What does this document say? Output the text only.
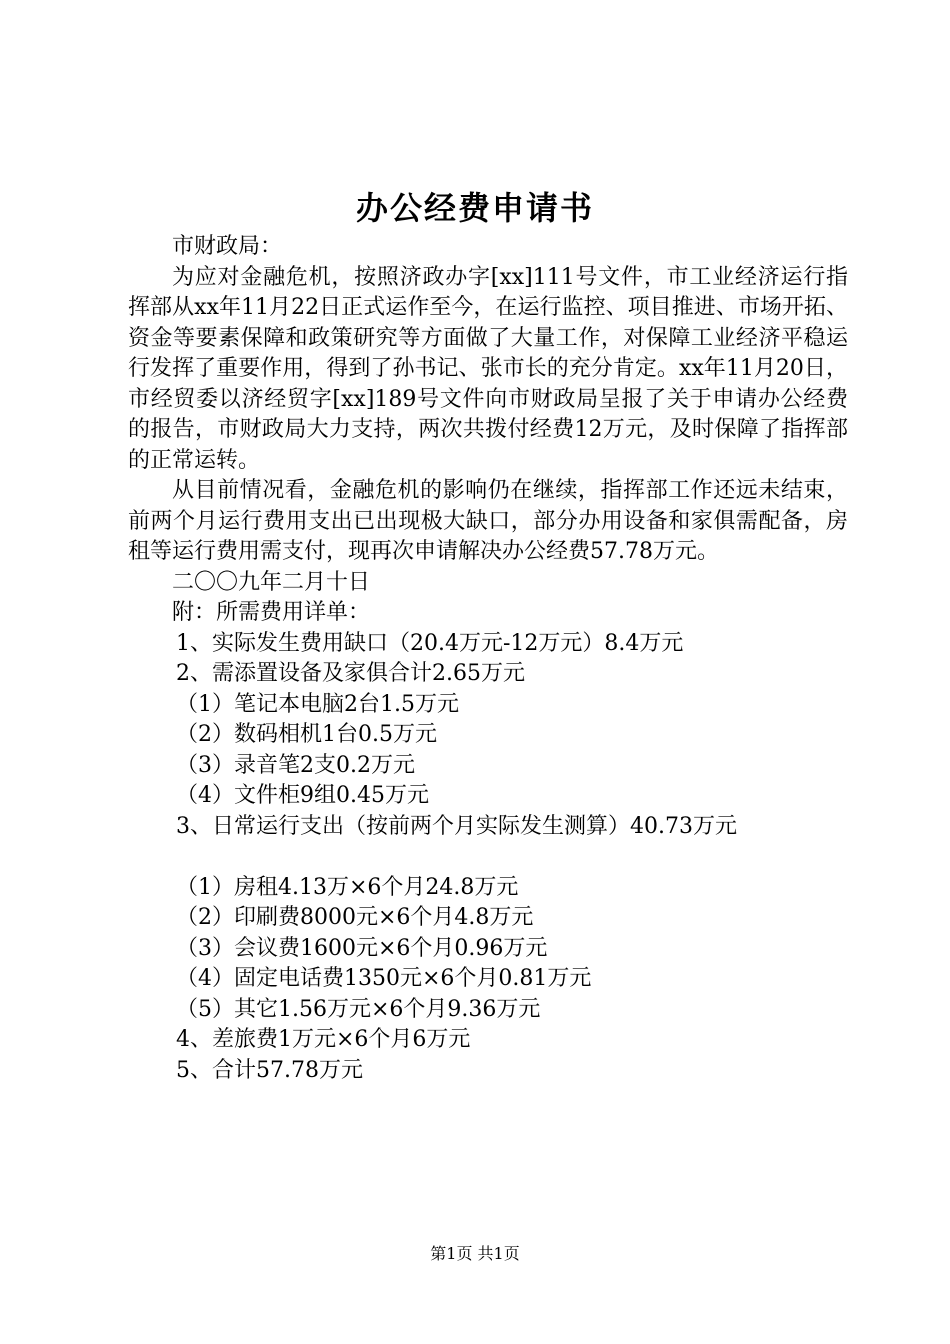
办公经费申请书
市财政局：
为应对金融危机，按照济政办字[xx]111号文件，市工业经济运行指挥部从xx年11月22日正式运作至今，在运行监控、项目推进、市场开拓、资金等要素保障和政策研究等方面做了大量工作，对保障工业经济平稳运行发挥了重要作用，得到了孙书记、张市长的充分肯定。xx年11月20日，市经贸委以济经贸字[xx]189号文件向市财政局呈报了关于申请办公经费的报告，市财政局大力支持，两次共拨付经费12万元，及时保障了指挥部的正常运转。
从目前情况看，金融危机的影响仍在继续，指挥部工作还远未结束，前两个月运行费用支出已出现极大缺口，部分办用设备和家俱需配备，房租等运行费用需支付，现再次申请解决办公经费57.78万元。
二〇〇九年二月十日
附：所需费用详单：
1、实际发生费用缺口（20.4万元-12万元）8.4万元
2、需添置设备及家俱合计2.65万元
（1）笔记本电脑2台1.5万元
（2）数码相机1台0.5万元
（3）录音笔2支0.2万元
（4）文件柜9组0.45万元
3、日常运行支出（按前两个月实际发生测算）40.73万元
（1）房租4.13万×6个月24.8万元
（2）印刷费8000元×6个月4.8万元
（3）会议费1600元×6个月0.96万元
（4）固定电话费1350元×6个月0.81万元
（5）其它1.56万元×6个月9.36万元
4、差旅费1万元×6个月6万元
5、合计57.78万元
第1页 共1页
